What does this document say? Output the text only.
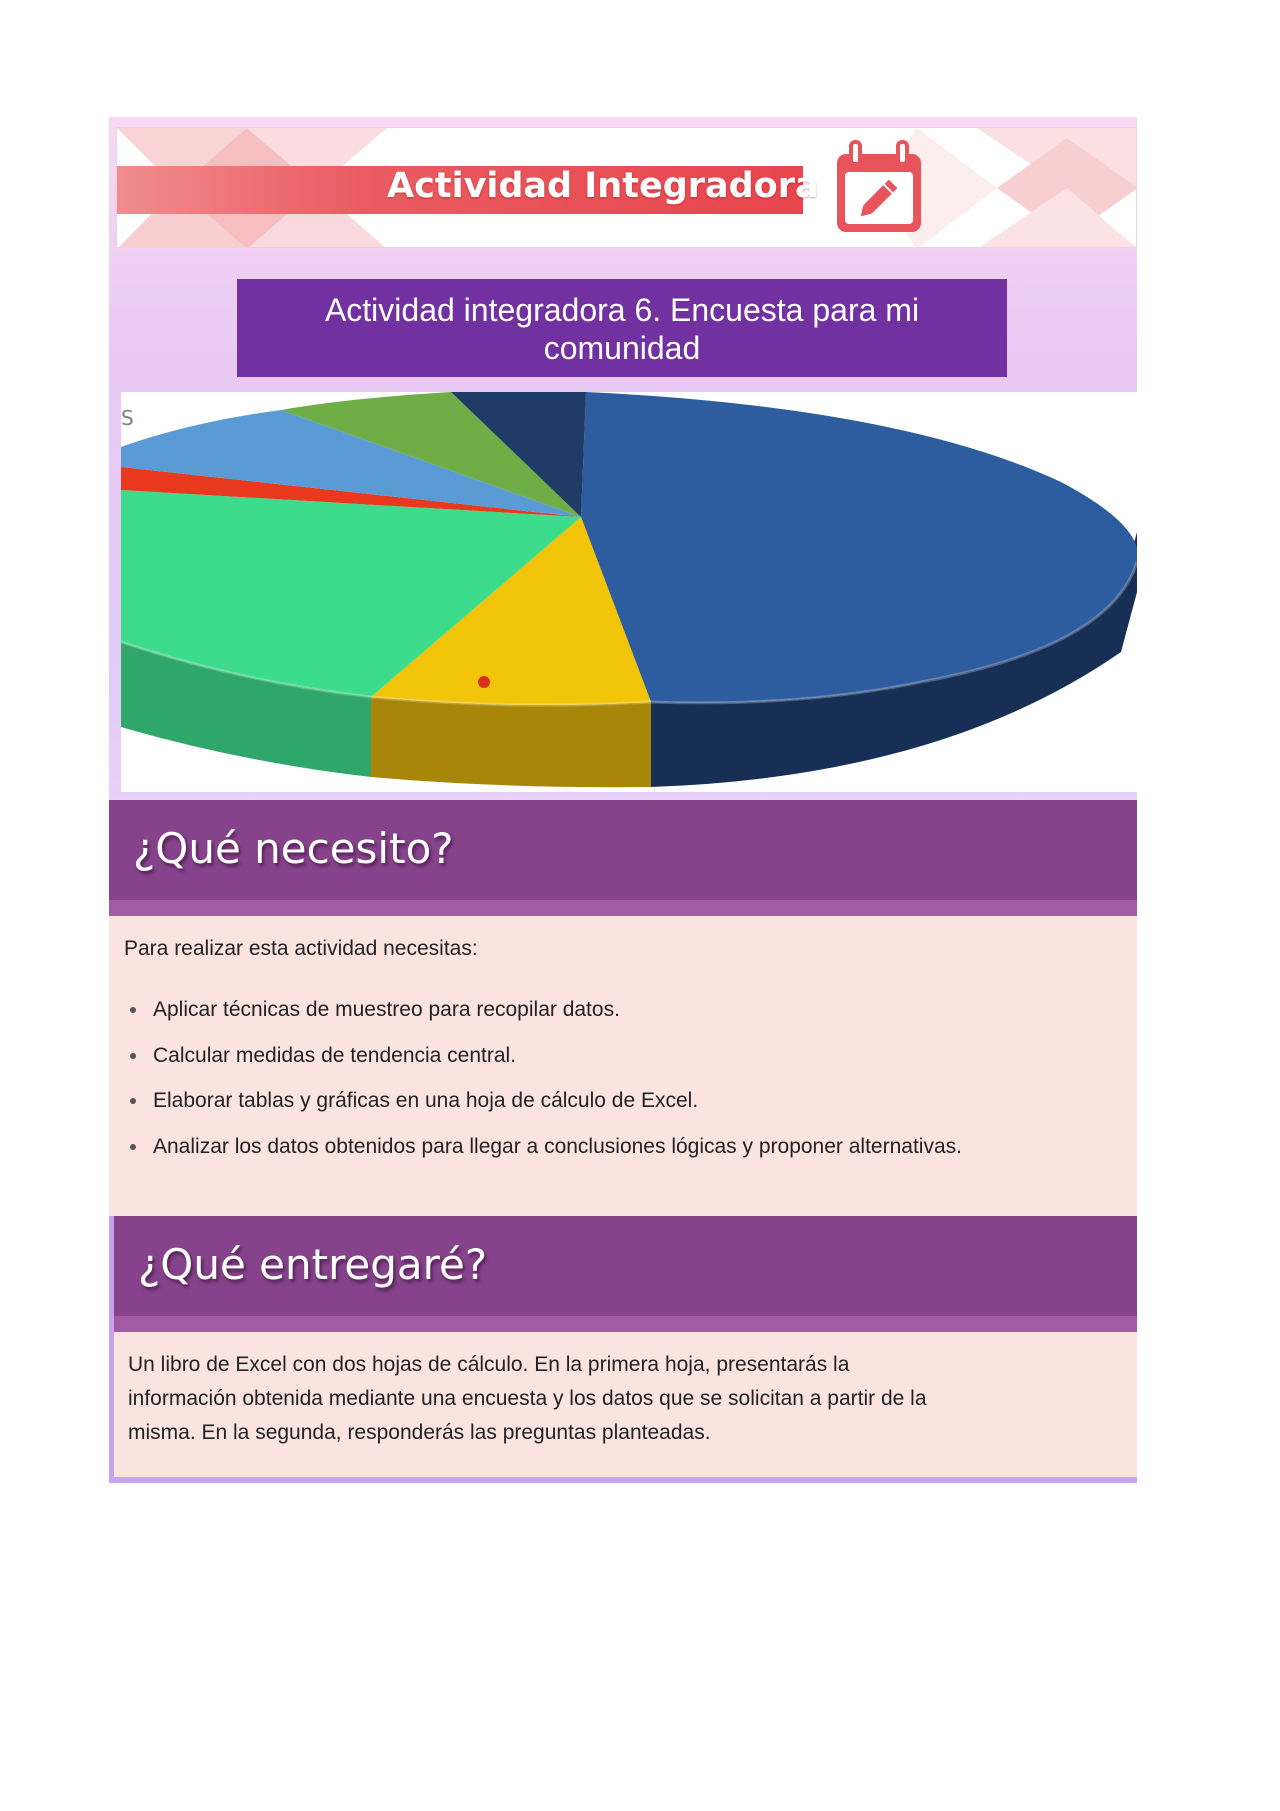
Actividad Integradora
Actividad integradora 6. Encuesta para mi comunidad
S
¿Qué necesito?
Para realizar esta actividad necesitas:
Aplicar técnicas de muestreo para recopilar datos.
Calcular medidas de tendencia central.
Elaborar tablas y gráficas en una hoja de cálculo de Excel.
Analizar los datos obtenidos para llegar a conclusiones lógicas y proponer alternativas.
¿Qué entregaré?
Un libro de Excel con dos hojas de cálculo. En la primera hoja, presentarás la
información obtenida mediante una encuesta y los datos que se solicitan a partir de la
misma. En la segunda, responderás las preguntas planteadas.
